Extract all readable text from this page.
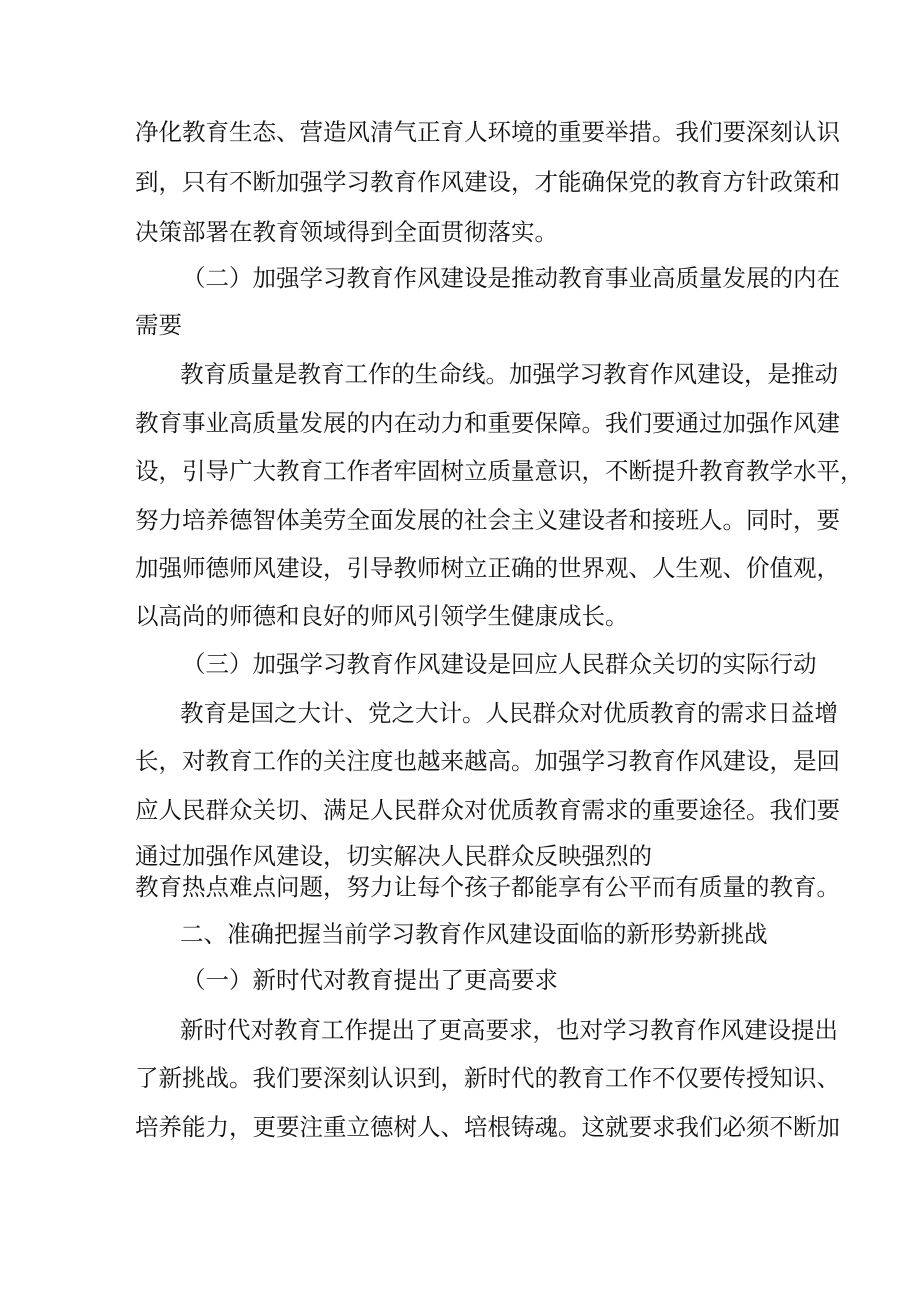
净化教育生态、营造风清气正育人环境的重要举措。我们要深刻认识
到，只有不断加强学习教育作风建设，才能确保党的教育方针政策和
决策部署在教育领域得到全面贯彻落实。
（二）加强学习教育作风建设是推动教育事业高质量发展的内在
需要
教育质量是教育工作的生命线。加强学习教育作风建设，是推动
教育事业高质量发展的内在动力和重要保障。我们要通过加强作风建
设，引导广大教育工作者牢固树立质量意识，不断提升教育教学水平，
努力培养德智体美劳全面发展的社会主义建设者和接班人。同时，要
加强师德师风建设，引导教师树立正确的世界观、人生观、价值观，
以高尚的师德和良好的师风引领学生健康成长。
（三）加强学习教育作风建设是回应人民群众关切的实际行动
教育是国之大计、党之大计。人民群众对优质教育的需求日益增
长，对教育工作的关注度也越来越高。加强学习教育作风建设，是回
应人民群众关切、满足人民群众对优质教育需求的重要途径。我们要
通过加强作风建设，切实解决人民群众反映强烈的
教育热点难点问题，努力让每个孩子都能享有公平而有质量的教育。
二、准确把握当前学习教育作风建设面临的新形势新挑战
（一）新时代对教育提出了更高要求
新时代对教育工作提出了更高要求，也对学习教育作风建设提出
了新挑战。我们要深刻认识到，新时代的教育工作不仅要传授知识、
培养能力，更要注重立德树人、培根铸魂。这就要求我们必须不断加
